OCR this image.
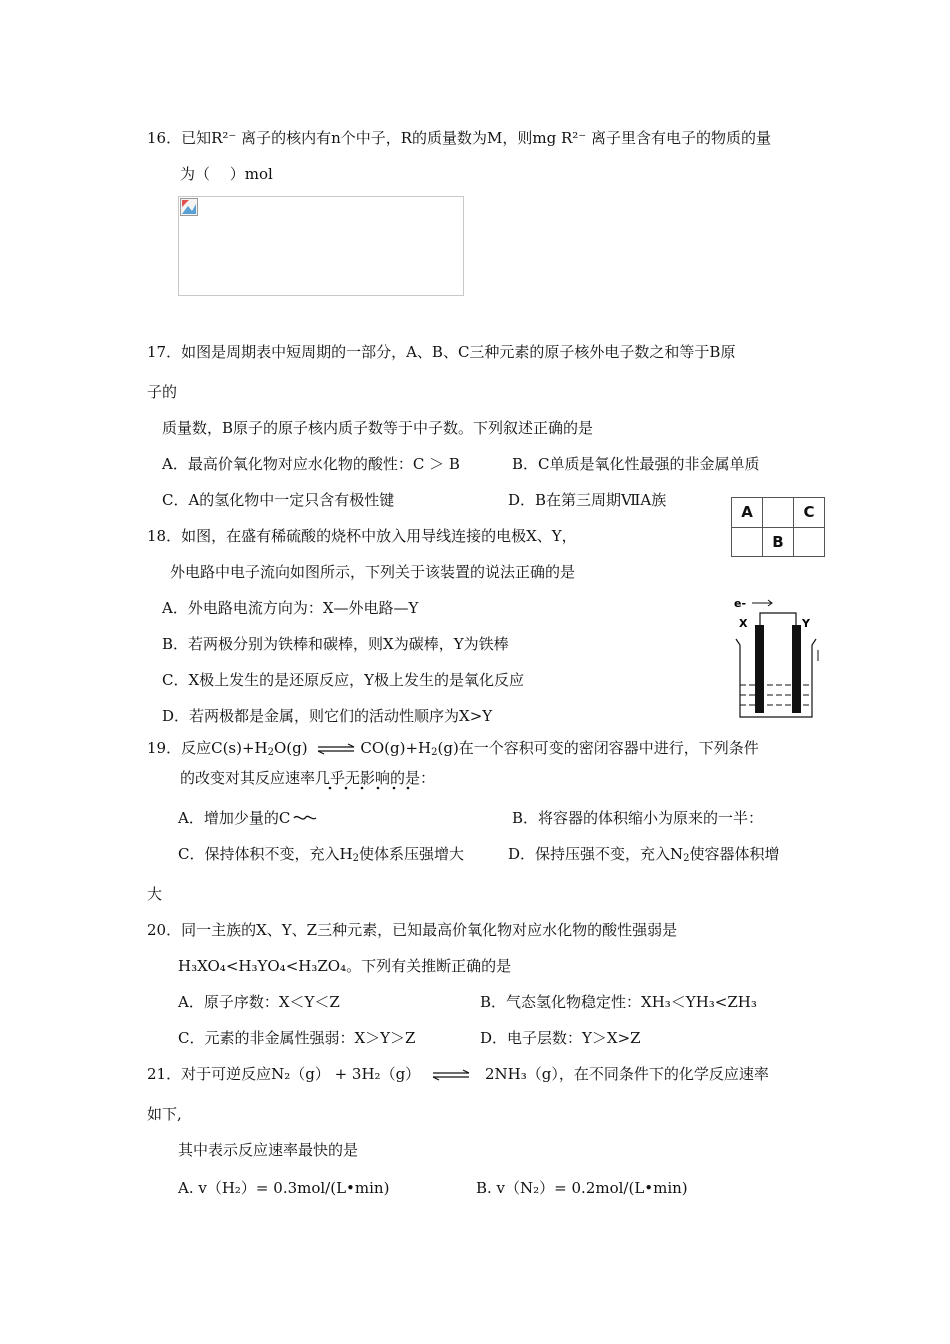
16．已知R²⁻ 离子的核内有n个中子，R的质量数为M，则mg R²⁻ 离子里含有电子的物质的量
为（　 ）mol
17．如图是周期表中短周期的一部分，A、B、C三种元素的原子核外电子数之和等于B原
子的
质量数，B原子的原子核内质子数等于中子数。下列叙述正确的是
A．最高价氧化物对应水化物的酸性：C ＞ B	B．C单质是氧化性最强的非金属单质
C．A的氢化物中一定只含有极性键	D．B在第三周期ⅦA族
A		C
	B	
18．如图，在盛有稀硫酸的烧杯中放入用导线连接的电极X、Y，
外电路中电子流向如图所示，下列关于该装置的说法正确的是
A．外电路电流方向为：X—外电路—Y
B．若两极分别为铁棒和碳棒，则X为碳棒，Y为铁棒
C．X极上发生的是还原反应，Y极上发生的是氧化反应
D．若两极都是金属，则它们的活动性顺序为X>Y
e-
X	Y
19．反应$C(s)+H_2O(g)$ ⇌ $CO(g)+H_2(g)$在一个容积可变的密闭容器中进行，下列条件
的改变对其反应速率几乎无影响的是：
A．增加少量的C	B．将容器的体积缩小为原来的一半：
C．保持体积不变，充入$H_2$使体系压强增大	D．保持压强不变，充入$N_2$使容器体积增
大
20．同一主族的X、Y、Z三种元素，已知最高价氧化物对应水化物的酸性强弱是
H₃XO₄<H₃YO₄<H₃ZO₄。下列有关推断正确的是
A．原子序数：X＜Y＜Z	B．气态氢化物稳定性：XH₃＜YH₃<ZH₃
C．元素的非金属性强弱：X＞Y＞Z	D．电子层数：Y＞X>Z
21．对于可逆反应N₂（g） + 3H₂（g） ⇌ 2NH₃（g），在不同条件下的化学反应速率
如下,
其中表示反应速率最快的是
A. v（H₂）= 0.3mol/(L•min)	B. v（N₂）= 0.2mol/(L•min)
